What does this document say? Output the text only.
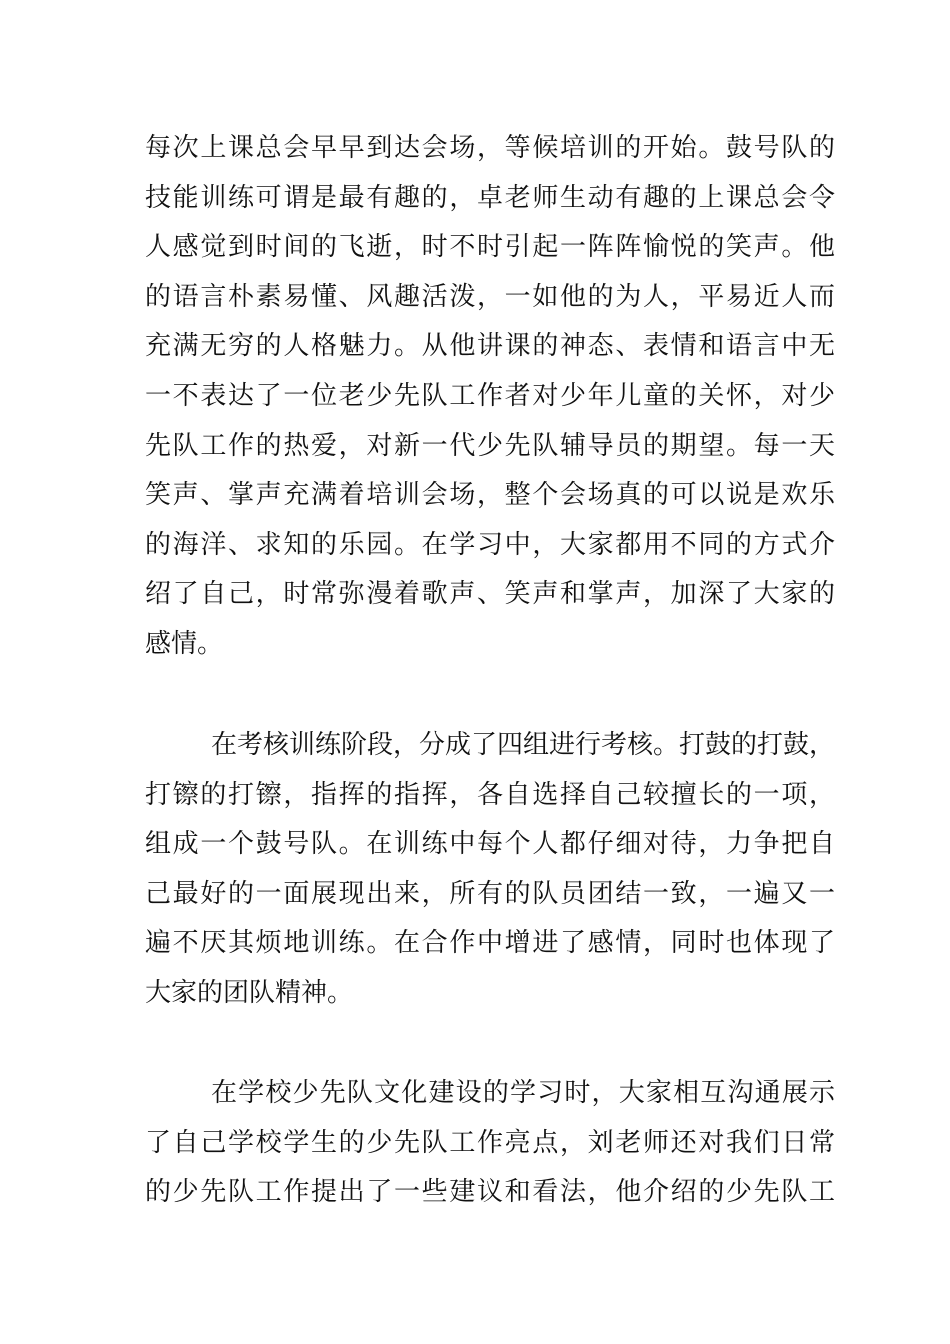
每次上课总会早早到达会场，等候培训的开始。鼓号队的
技能训练可谓是最有趣的，卓老师生动有趣的上课总会令
人感觉到时间的飞逝，时不时引起一阵阵愉悦的笑声。他
的语言朴素易懂、风趣活泼，一如他的为人，平易近人而
充满无穷的人格魅力。从他讲课的神态、表情和语言中无
一不表达了一位老少先队工作者对少年儿童的关怀，对少
先队工作的热爱，对新一代少先队辅导员的期望。每一天
笑声、掌声充满着培训会场，整个会场真的可以说是欢乐
的海洋、求知的乐园。在学习中，大家都用不同的方式介
绍了自己，时常弥漫着歌声、笑声和掌声，加深了大家的
感情。
在考核训练阶段，分成了四组进行考核。打鼓的打鼓，
打镲的打镲，指挥的指挥，各自选择自己较擅长的一项，
组成一个鼓号队。在训练中每个人都仔细对待，力争把自
己最好的一面展现出来，所有的队员团结一致，一遍又一
遍不厌其烦地训练。在合作中增进了感情，同时也体现了
大家的团队精神。
在学校少先队文化建设的学习时，大家相互沟通展示
了自己学校学生的少先队工作亮点，刘老师还对我们日常
的少先队工作提出了一些建议和看法，他介绍的少先队工
